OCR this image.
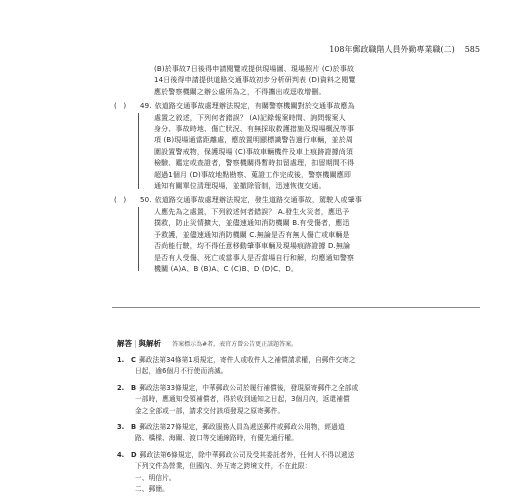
108年郵政職階人員外勤專業職(二) 585

(B)於事故7日後得申請閱覽或提供現場圖、現場照片 (C)於事故

14日後得申請提供道路交通事故初步分析研判表 (D)資料之閱覽

應於警察機關之辦公處所為之，不得攜出或逕收增刪。

(   ) 49. 依道路交通事故處理辦法規定，有關警察機關對於交通事故應為

處置之敘述，下列何者錯誤？ (A)記錄報案時間、詢問報案人

身分、事故時地、傷亡狀況、有無採取救護措施及現場概況等事

項 (B)現場通當距離處，應放置明顯標識警告過行車輛，並於周

圍設置警戒物，保護現場 (C)事故車輛機件及車上痕跡證據尚須

檢驗、鑑定或查證者，警察機關得暫時扣留處理，扣留期間不得

超過1個月 (D)事故地點勘察、蒐證工作完成後，警察機關應即

通知有關單位清理現場，並撤除管制，迅速恢復交通。

(   ) 50. 依道路交通事故處理辦法規定，發生道路交通事故，駕駛人或肇事

人應先為之處置，下列敘述何者錯誤？ A.發生火災者，應迅予

撲救，防止災情擴大，並儘速通知消防機關 B.有受傷者，應迅

予救護，並儘速通知消防機關 C.無論是否有無人傷亡或車輛是

否尚能行駛，均不得任意移動肇事車輛及現場痕跡證據 D.無論

是否有人受傷、死亡或當事人是否當場自行和解，均應通知警察

機關 (A)A、B (B)A、C (C)B、D (D)C、D。

解答 | 與解析 答案標示為#者，表官方曾公告更正該題答案。
1. C 郵政法第34條第1項規定，寄件人或收件人之補償請求權，自郵件交寄之

日起，逾6個月不行使而消滅。

2. B 郵政法第33條規定，中華郵政公司於履行補償後，發現原寄郵件之全部或

一部時，應通知受領補償者，得於收到通知之日起，3個月內，返還補償

金之全部或一部，請求交付該項發現之原寄郵件。

3. B 郵政法第27條規定，郵政服務人員為遞送郵件或郵政公用物，經過道

路、橋樑、海關、渡口等交通線路時，有優先通行權。

4. D 郵政法第6條規定，除中華郵政公司及受其委託者外，任何人不得以遞送

下列文件為營業，但國內、外互寄之跨境文件，不在此限：

一、明信片。

二、郵簡。
